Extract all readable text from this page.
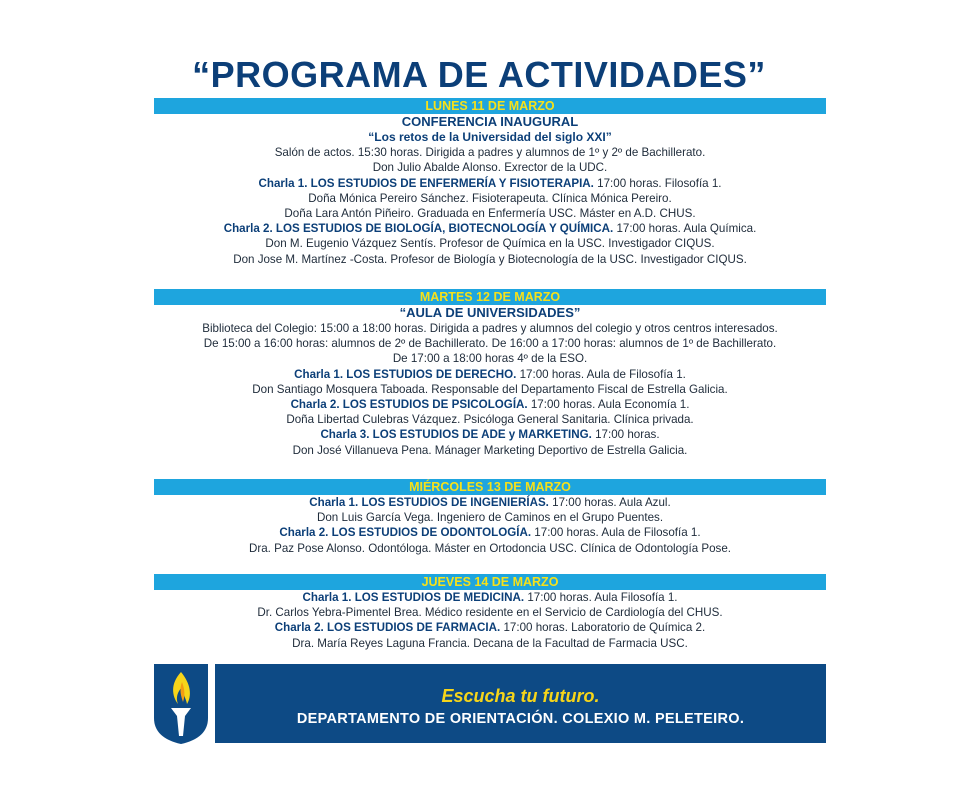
“PROGRAMA DE ACTIVIDADES”
LUNES 11 DE MARZO
CONFERENCIA INAUGURAL
“Los retos de la Universidad del siglo XXI”
Salón de actos. 15:30 horas. Dirigida a padres y alumnos de 1º y 2º de Bachillerato.
Don Julio Abalde Alonso. Exrector de la UDC.
Charla 1. LOS ESTUDIOS DE ENFERMERÍA Y FISIOTERAPIA. 17:00 horas. Filosofía 1.
Doña Mónica Pereiro Sánchez. Fisioterapeuta. Clínica Mónica Pereiro.
Doña Lara Antón Piñeiro. Graduada en Enfermería USC. Máster en A.D. CHUS.
Charla 2. LOS ESTUDIOS DE BIOLOGÍA, BIOTECNOLOGÍA Y QUÍMICA. 17:00 horas. Aula Química.
Don M. Eugenio Vázquez Sentís. Profesor de Química en la USC. Investigador CIQUS.
Don Jose M. Martínez -Costa. Profesor de Biología y Biotecnología de la USC. Investigador CIQUS.
MARTES 12 DE MARZO
“AULA DE UNIVERSIDADES”
Biblioteca del Colegio: 15:00 a 18:00 horas. Dirigida a padres y alumnos del colegio y otros centros interesados.
De 15:00 a 16:00 horas: alumnos de 2º de Bachillerato. De 16:00 a 17:00 horas: alumnos de 1º de Bachillerato.
De 17:00 a 18:00 horas 4º de la ESO.
Charla 1. LOS ESTUDIOS DE DERECHO. 17:00 horas. Aula de Filosofía 1.
Don Santiago Mosquera Taboada. Responsable del Departamento Fiscal de Estrella Galicia.
Charla 2. LOS ESTUDIOS DE PSICOLOGÍA. 17:00 horas. Aula Economía 1.
Doña Libertad Culebras Vázquez. Psicóloga General Sanitaria. Clínica privada.
Charla 3. LOS ESTUDIOS DE ADE y MARKETING. 17:00 horas.
Don José Villanueva Pena. Mánager Marketing Deportivo de Estrella Galicia.
MIÉRCOLES 13 DE MARZO
Charla 1. LOS ESTUDIOS DE INGENIERÍAS. 17:00 horas. Aula Azul.
Don Luis García Vega. Ingeniero de Caminos en el Grupo Puentes.
Charla 2. LOS ESTUDIOS DE ODONTOLOGÍA. 17:00 horas. Aula de Filosofía 1.
Dra. Paz Pose Alonso. Odontóloga. Máster en Ortodoncia USC. Clínica de Odontología Pose.
JUEVES 14 DE MARZO
Charla 1. LOS ESTUDIOS DE MEDICINA. 17:00 horas. Aula Filosofía 1.
Dr. Carlos Yebra-Pimentel Brea. Médico residente en el Servicio de Cardiología del CHUS.
Charla 2. LOS ESTUDIOS DE FARMACIA. 17:00 horas. Laboratorio de Química 2.
Dra. María Reyes Laguna Francia. Decana de la Facultad de Farmacia USC.
Escucha tu futuro.
DEPARTAMENTO DE ORIENTACIÓN. COLEXIO M. PELETEIRO.
